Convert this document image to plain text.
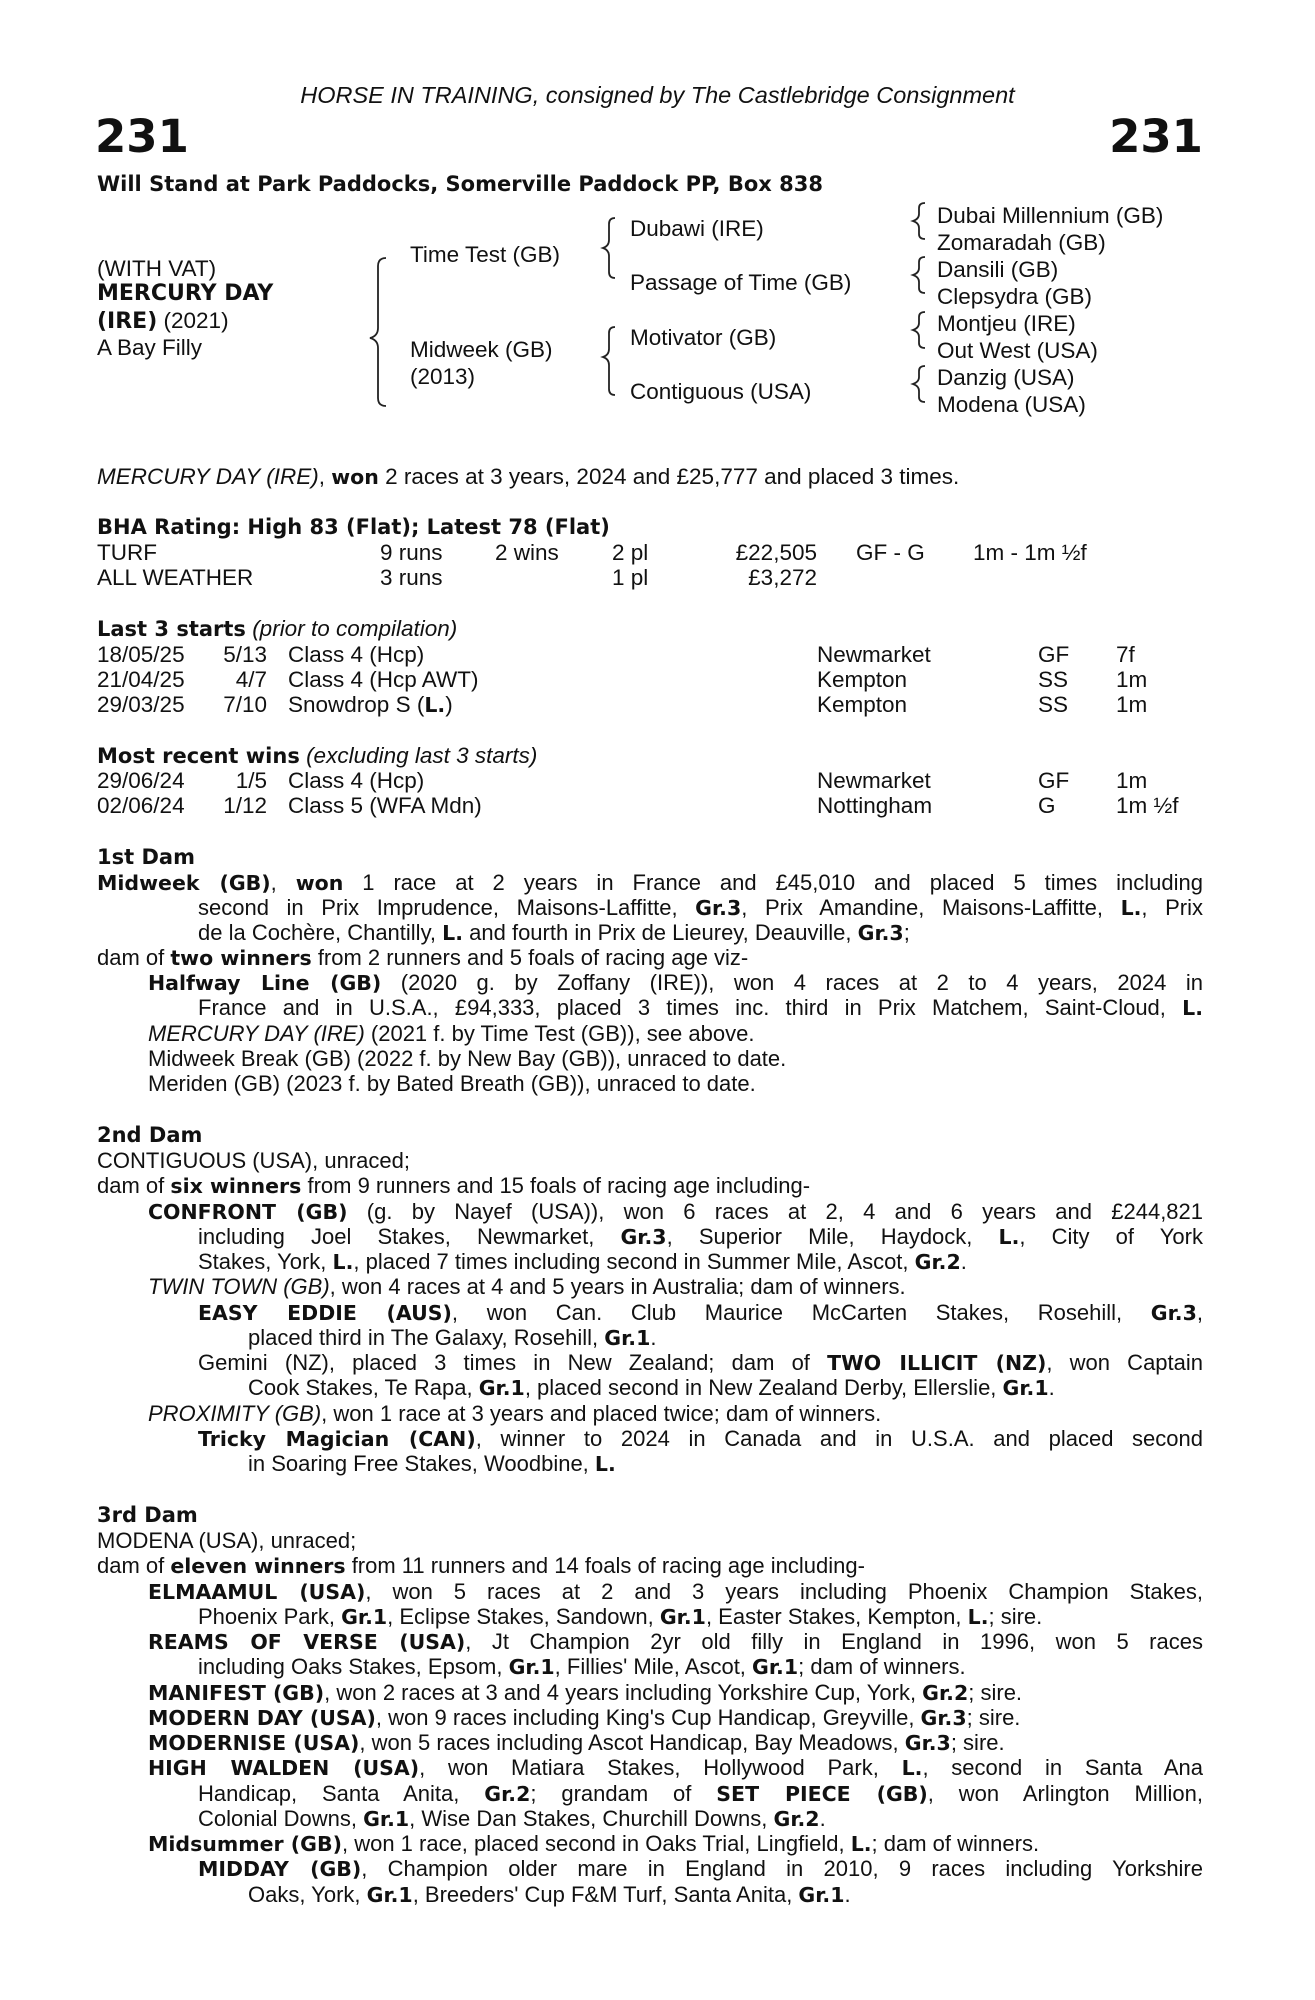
HORSE IN TRAINING, consigned by The Castlebridge Consignment
231	231
Will Stand at Park Paddocks, Somerville Paddock PP, Box 838
(WITH VAT)
MERCURY DAY
(IRE) (2021)
A Bay Filly
Time Test (GB)
Midweek (GB)
(2013)
Dubawi (IRE)
Passage of Time (GB)
Motivator (GB)
Contiguous (USA)
Dubai Millennium (GB)
Zomaradah (GB)
Dansili (GB)
Clepsydra (GB)
Montjeu (IRE)
Out West (USA)
Danzig (USA)
Modena (USA)
MERCURY DAY (IRE), won 2 races at 3 years, 2024 and £25,777 and placed 3 times.
BHA Rating: High 83 (Flat); Latest 78 (Flat)
TURF	9 runs 2 wins 2 pl	£22,505 GF - G 1m - 1m ½f
ALL WEATHER	3 runs	1 pl	£3,272
Last 3 starts (prior to compilation)
18/05/25 5/13 Class 4 (Hcp)	Newmarket	GF 7f
21/04/25 4/7 Class 4 (Hcp AWT)	Kempton	SS 1m
29/03/25 7/10 Snowdrop S (L.)	Kempton	SS 1m
Most recent wins (excluding last 3 starts)
29/06/24 1/5 Class 4 (Hcp)	Newmarket	GF 1m
02/06/24 1/12 Class 5 (WFA Mdn)	Nottingham	G	1m ½f
1st Dam
Midweek (GB), won 1 race at 2 years in France and £45,010 and placed 5 times including
second in Prix Imprudence, Maisons-Laffitte, Gr.3, Prix Amandine, Maisons-Laffitte, L., Prix
de la Cochère, Chantilly, L. and fourth in Prix de Lieurey, Deauville, Gr.3;
dam of two winners from 2 runners and 5 foals of racing age viz-
Halfway Line (GB) (2020 g. by Zoffany (IRE)), won 4 races at 2 to 4 years, 2024 in
France and in U.S.A., £94,333, placed 3 times inc. third in Prix Matchem, Saint-Cloud, L.
MERCURY DAY (IRE) (2021 f. by Time Test (GB)), see above.
Midweek Break (GB) (2022 f. by New Bay (GB)), unraced to date.
Meriden (GB) (2023 f. by Bated Breath (GB)), unraced to date.
2nd Dam
CONTIGUOUS (USA), unraced;
dam of six winners from 9 runners and 15 foals of racing age including-
CONFRONT (GB) (g. by Nayef (USA)), won 6 races at 2, 4 and 6 years and £244,821
including Joel Stakes, Newmarket, Gr.3, Superior Mile, Haydock, L., City of York
Stakes, York, L., placed 7 times including second in Summer Mile, Ascot, Gr.2.
TWIN TOWN (GB), won 4 races at 4 and 5 years in Australia; dam of winners.
EASY EDDIE (AUS), won Can. Club Maurice McCarten Stakes, Rosehill, Gr.3,
placed third in The Galaxy, Rosehill, Gr.1.
Gemini (NZ), placed 3 times in New Zealand; dam of TWO ILLICIT (NZ), won Captain
Cook Stakes, Te Rapa, Gr.1, placed second in New Zealand Derby, Ellerslie, Gr.1.
PROXIMITY (GB), won 1 race at 3 years and placed twice; dam of winners.
Tricky Magician (CAN), winner to 2024 in Canada and in U.S.A. and placed second
in Soaring Free Stakes, Woodbine, L.
3rd Dam
MODENA (USA), unraced;
dam of eleven winners from 11 runners and 14 foals of racing age including-
ELMAAMUL (USA), won 5 races at 2 and 3 years including Phoenix Champion Stakes,
Phoenix Park, Gr.1, Eclipse Stakes, Sandown, Gr.1, Easter Stakes, Kempton, L.; sire.
REAMS OF VERSE (USA), Jt Champion 2yr old filly in England in 1996, won 5 races
including Oaks Stakes, Epsom, Gr.1, Fillies' Mile, Ascot, Gr.1; dam of winners.
MANIFEST (GB), won 2 races at 3 and 4 years including Yorkshire Cup, York, Gr.2; sire.
MODERN DAY (USA), won 9 races including King's Cup Handicap, Greyville, Gr.3; sire.
MODERNISE (USA), won 5 races including Ascot Handicap, Bay Meadows, Gr.3; sire.
HIGH WALDEN (USA), won Matiara Stakes, Hollywood Park, L., second in Santa Ana
Handicap, Santa Anita, Gr.2; grandam of SET PIECE (GB), won Arlington Million,
Colonial Downs, Gr.1, Wise Dan Stakes, Churchill Downs, Gr.2.
Midsummer (GB), won 1 race, placed second in Oaks Trial, Lingfield, L.; dam of winners.
MIDDAY (GB), Champion older mare in England in 2010, 9 races including Yorkshire
Oaks, York, Gr.1, Breeders' Cup F&M Turf, Santa Anita, Gr.1.
